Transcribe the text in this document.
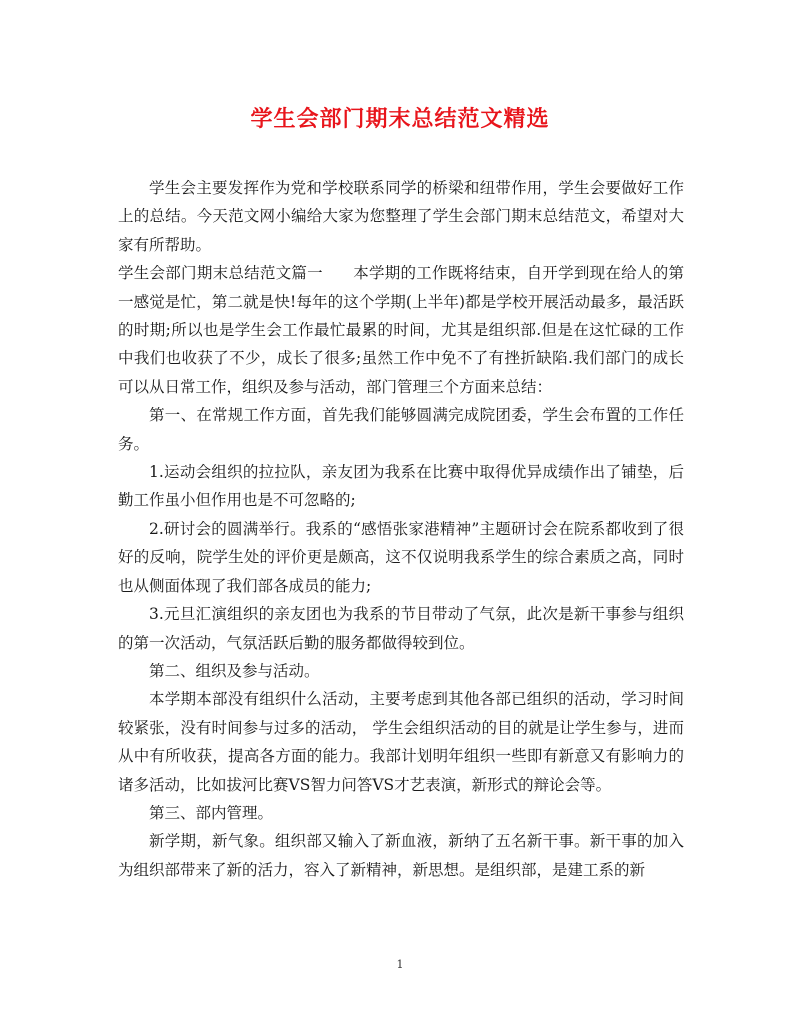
学生会部门期末总结范文精选

学生会主要发挥作为党和学校联系同学的桥梁和纽带作用，学生会要做好工作上的总结。今天范文网小编给大家为您整理了学生会部门期末总结范文，希望对大家有所帮助。

学生会部门期末总结范文篇一 本学期的工作既将结束，自开学到现在给人的第一感觉是忙，第二就是快!每年的这个学期(上半年)都是学校开展活动最多，最活跃的时期;所以也是学生会工作最忙最累的时间，尤其是组织部.但是在这忙碌的工作中我们也收获了不少，成长了很多;虽然工作中免不了有挫折缺陷.我们部门的成长可以从日常工作，组织及参与活动，部门管理三个方面来总结：

第一、在常规工作方面，首先我们能够圆满完成院团委，学生会布置的工作任务。

1.运动会组织的拉拉队，亲友团为我系在比赛中取得优异成绩作出了铺垫，后勤工作虽小但作用也是不可忽略的;

2.研讨会的圆满举行。我系的“感悟张家港精神”主题研讨会在院系都收到了很好的反响，院学生处的评价更是颇高，这不仅说明我系学生的综合素质之高，同时也从侧面体现了我们部各成员的能力;

3.元旦汇演组织的亲友团也为我系的节目带动了气氛，此次是新干事参与组织的第一次活动，气氛活跃后勤的服务都做得较到位。

第二、组织及参与活动。

本学期本部没有组织什么活动，主要考虑到其他各部已组织的活动，学习时间较紧张，没有时间参与过多的活动， 学生会组织活动的目的就是让学生参与，进而从中有所收获，提高各方面的能力。我部计划明年组织一些即有新意又有影响力的诸多活动，比如拔河比赛VS智力问答VS才艺表演，新形式的辩论会等。

第三、部内管理。

新学期，新气象。组织部又输入了新血液，新纳了五名新干事。新干事的加入为组织部带来了新的活力，容入了新精神，新思想。是组织部，是建工系的新

1
